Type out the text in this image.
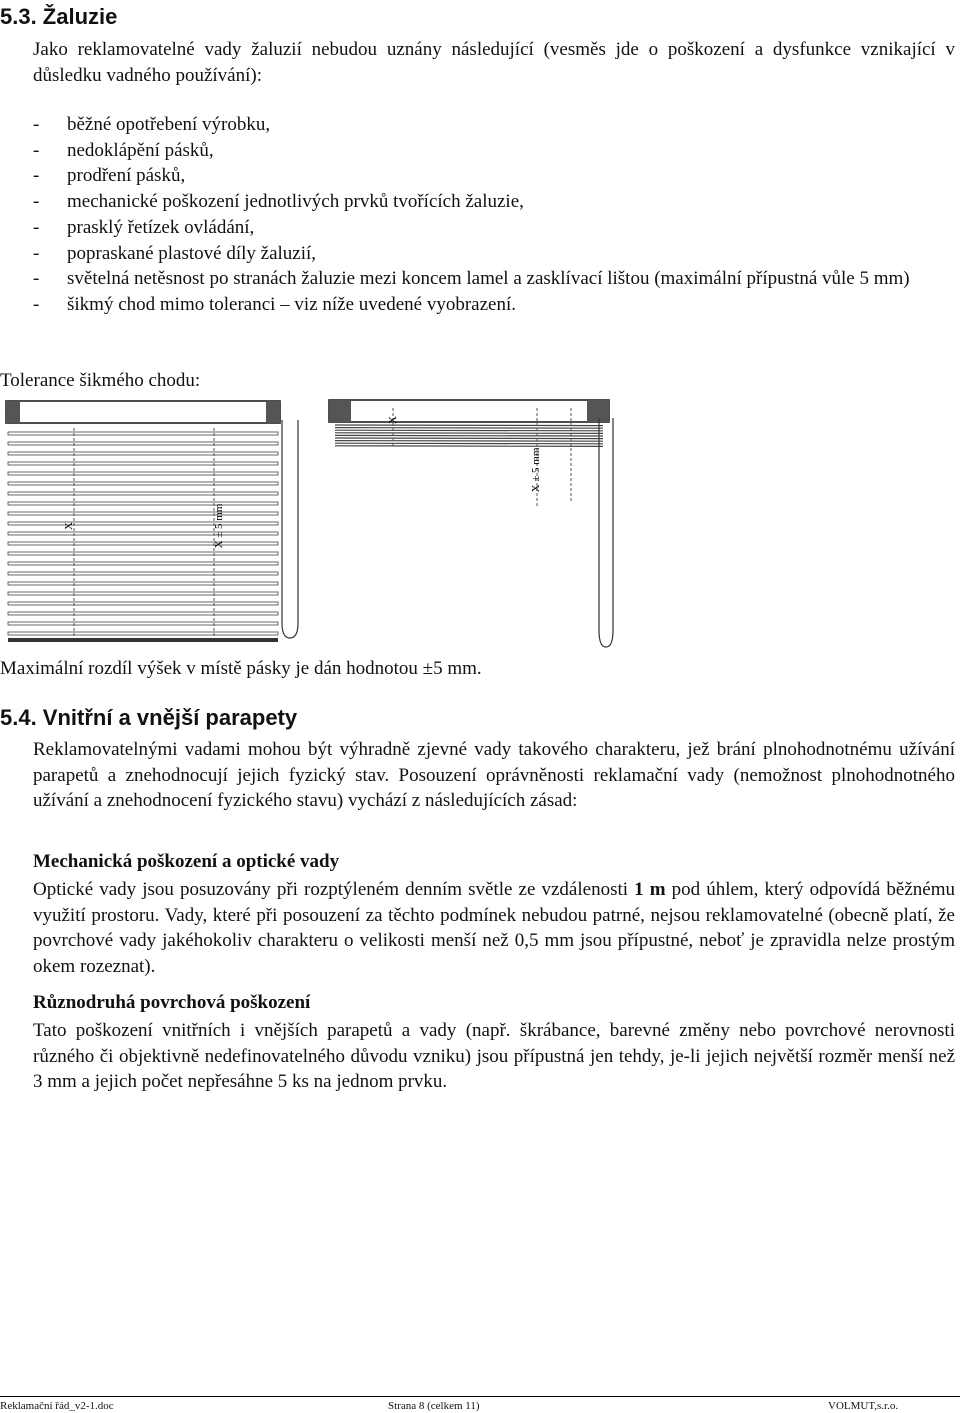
5.3. Žaluzie
Jako reklamovatelné vady žaluzií nebudou uznány následující (vesměs jde o poškození a dysfunkce vznikající v důsledku vadného používání):
- běžné opotřebení výrobku,
- nedoklápění pásků,
- prodření pásků,
- mechanické poškození jednotlivých prvků tvořících žaluzie,
- prasklý řetízek ovládání,
- popraskané plastové díly žaluzií,
- světelná netěsnost po stranách žaluzie mezi koncem lamel a zasklívací lištou (maximální přípustná vůle 5 mm)
- šikmý chod mimo toleranci – viz níže uvedené vyobrazení.
Tolerance šikmého chodu:
X	X ± 5 mm
X
X ± 5 mm
Maximální rozdíl výšek v místě pásky je dán hodnotou ±5 mm.
5.4. Vnitřní a vnější parapety
Reklamovatelnými vadami mohou být výhradně zjevné vady takového charakteru, jež brání plnohodnotnému užívání parapetů a znehodnocují jejich fyzický stav. Posouzení oprávněnosti reklamační vady (nemožnost plnohodnotného užívání a znehodnocení fyzického stavu) vychází z následujících zásad:
Mechanická poškození a optické vady
Optické vady jsou posuzovány při rozptýleném denním světle ze vzdálenosti 1 m pod úhlem, který odpovídá běžnému využití prostoru. Vady, které při posouzení za těchto podmínek nebudou patrné, nejsou reklamovatelné (obecně platí, že povrchové vady jakéhokoliv charakteru o velikosti menší než 0,5 mm jsou přípustné, neboť je zpravidla nelze prostým okem rozeznat).
Různodruhá povrchová poškození
Tato poškození vnitřních i vnějších parapetů a vady (např. škrábance, barevné změny nebo povrchové nerovnosti různého či objektivně nedefinovatelného důvodu vzniku) jsou přípustná jen tehdy, je-li jejich největší rozměr menší než 3 mm a jejich počet nepřesáhne 5 ks na jednom prvku.
Reklamační řád_v2-1.doc	Strana 8 (celkem 11)	VOLMUT,s.r.o.
